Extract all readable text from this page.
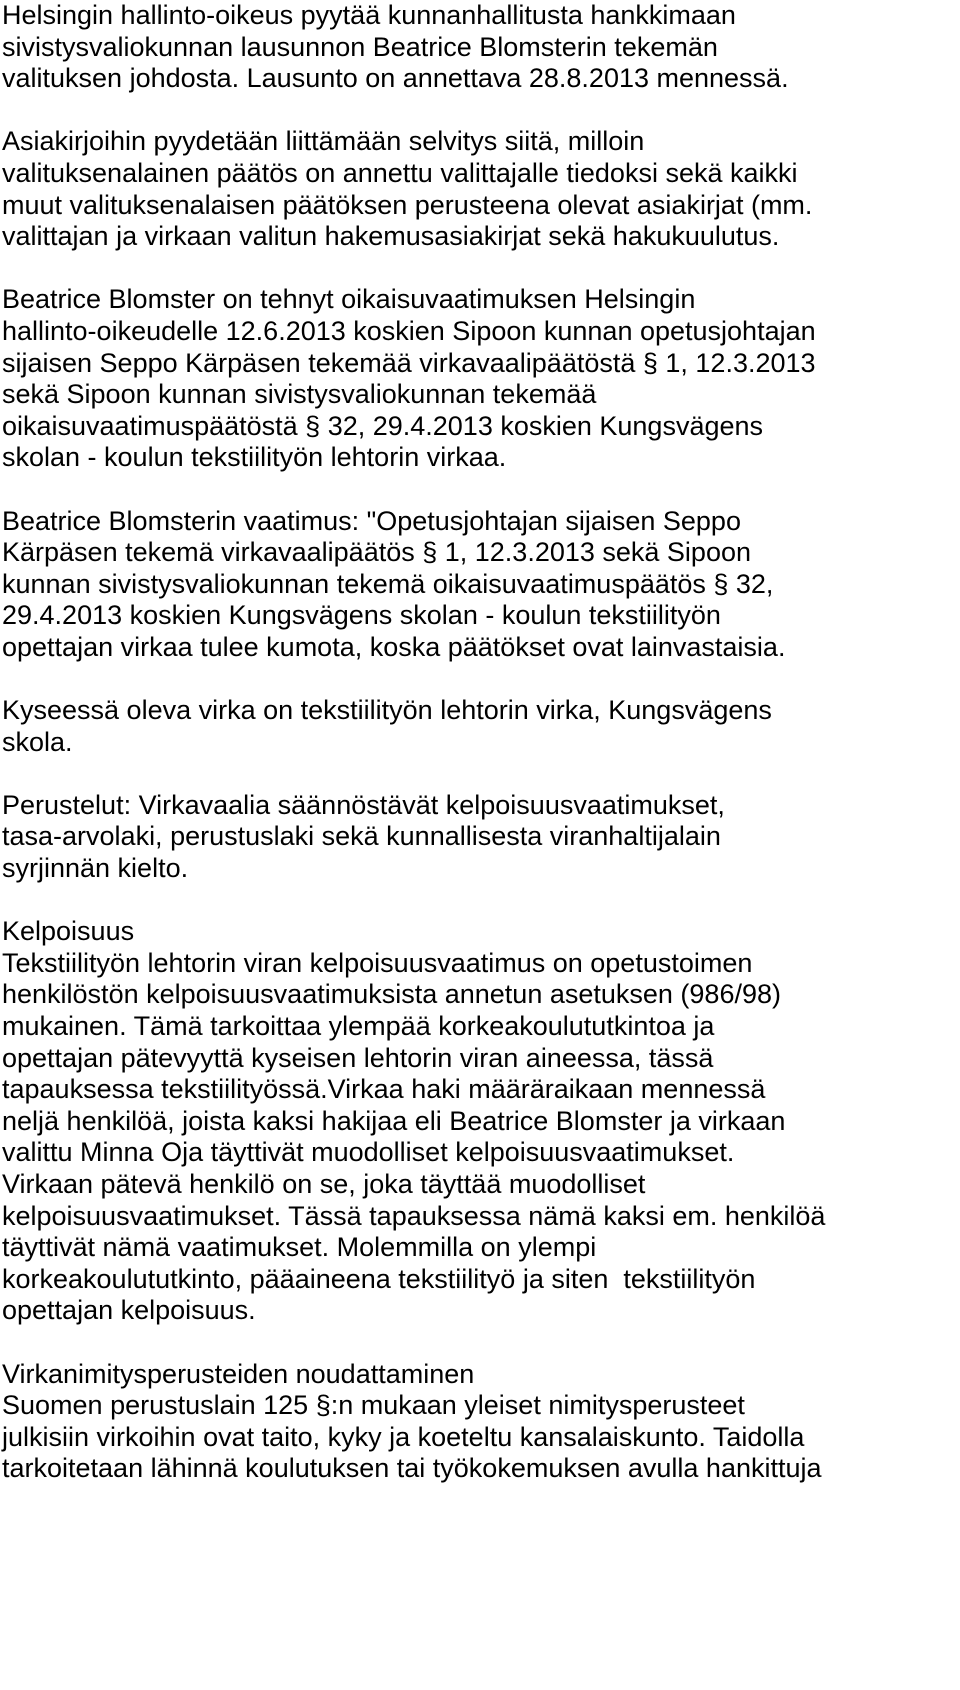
Helsingin hallinto-oikeus pyytää kunnanhallitusta hankkimaan
sivistysvaliokunnan lausunnon Beatrice Blomsterin tekemän
valituksen johdosta. Lausunto on annettava 28.8.2013 mennessä.
Asiakirjoihin pyydetään liittämään selvitys siitä, milloin
valituksenalainen päätös on annettu valittajalle tiedoksi sekä kaikki
muut valituksenalaisen päätöksen perusteena olevat asiakirjat (mm.
valittajan ja virkaan valitun hakemusasiakirjat sekä hakukuulutus.
Beatrice Blomster on tehnyt oikaisuvaatimuksen Helsingin
hallinto-oikeudelle 12.6.2013 koskien Sipoon kunnan opetusjohtajan
sijaisen Seppo Kärpäsen tekemää virkavaalipäätöstä § 1, 12.3.2013
sekä Sipoon kunnan sivistysvaliokunnan tekemää
oikaisuvaatimuspäätöstä § 32, 29.4.2013 koskien Kungsvägens
skolan - koulun tekstiilityön lehtorin virkaa.
Beatrice Blomsterin vaatimus: "Opetusjohtajan sijaisen Seppo
Kärpäsen tekemä virkavaalipäätös § 1, 12.3.2013 sekä Sipoon
kunnan sivistysvaliokunnan tekemä oikaisuvaatimuspäätös § 32,
29.4.2013 koskien Kungsvägens skolan - koulun tekstiilityön
opettajan virkaa tulee kumota, koska päätökset ovat lainvastaisia.
Kyseessä oleva virka on tekstiilityön lehtorin virka, Kungsvägens
skola.
Perustelut: Virkavaalia säännöstävät kelpoisuusvaatimukset,
tasa-arvolaki, perustuslaki sekä kunnallisesta viranhaltijalain
syrjinnän kielto.
Kelpoisuus
Tekstiilityön lehtorin viran kelpoisuusvaatimus on opetustoimen
henkilöstön kelpoisuusvaatimuksista annetun asetuksen (986/98)
mukainen. Tämä tarkoittaa ylempää korkeakoulututkintoa ja
opettajan pätevyyttä kyseisen lehtorin viran aineessa, tässä
tapauksessa tekstiilityössä.Virkaa haki määräraikaan mennessä
neljä henkilöä, joista kaksi hakijaa eli Beatrice Blomster ja virkaan
valittu Minna Oja täyttivät muodolliset kelpoisuusvaatimukset.
Virkaan pätevä henkilö on se, joka täyttää muodolliset
kelpoisuusvaatimukset. Tässä tapauksessa nämä kaksi em. henkilöä
täyttivät nämä vaatimukset. Molemmilla on ylempi
korkeakoulututkinto, pääaineena tekstiilityö ja siten  tekstiilityön
opettajan kelpoisuus.
Virkanimitysperusteiden noudattaminen
Suomen perustuslain 125 §:n mukaan yleiset nimitysperusteet
julkisiin virkoihin ovat taito, kyky ja koeteltu kansalaiskunto. Taidolla
tarkoitetaan lähinnä koulutuksen tai työkokemuksen avulla hankittuja
